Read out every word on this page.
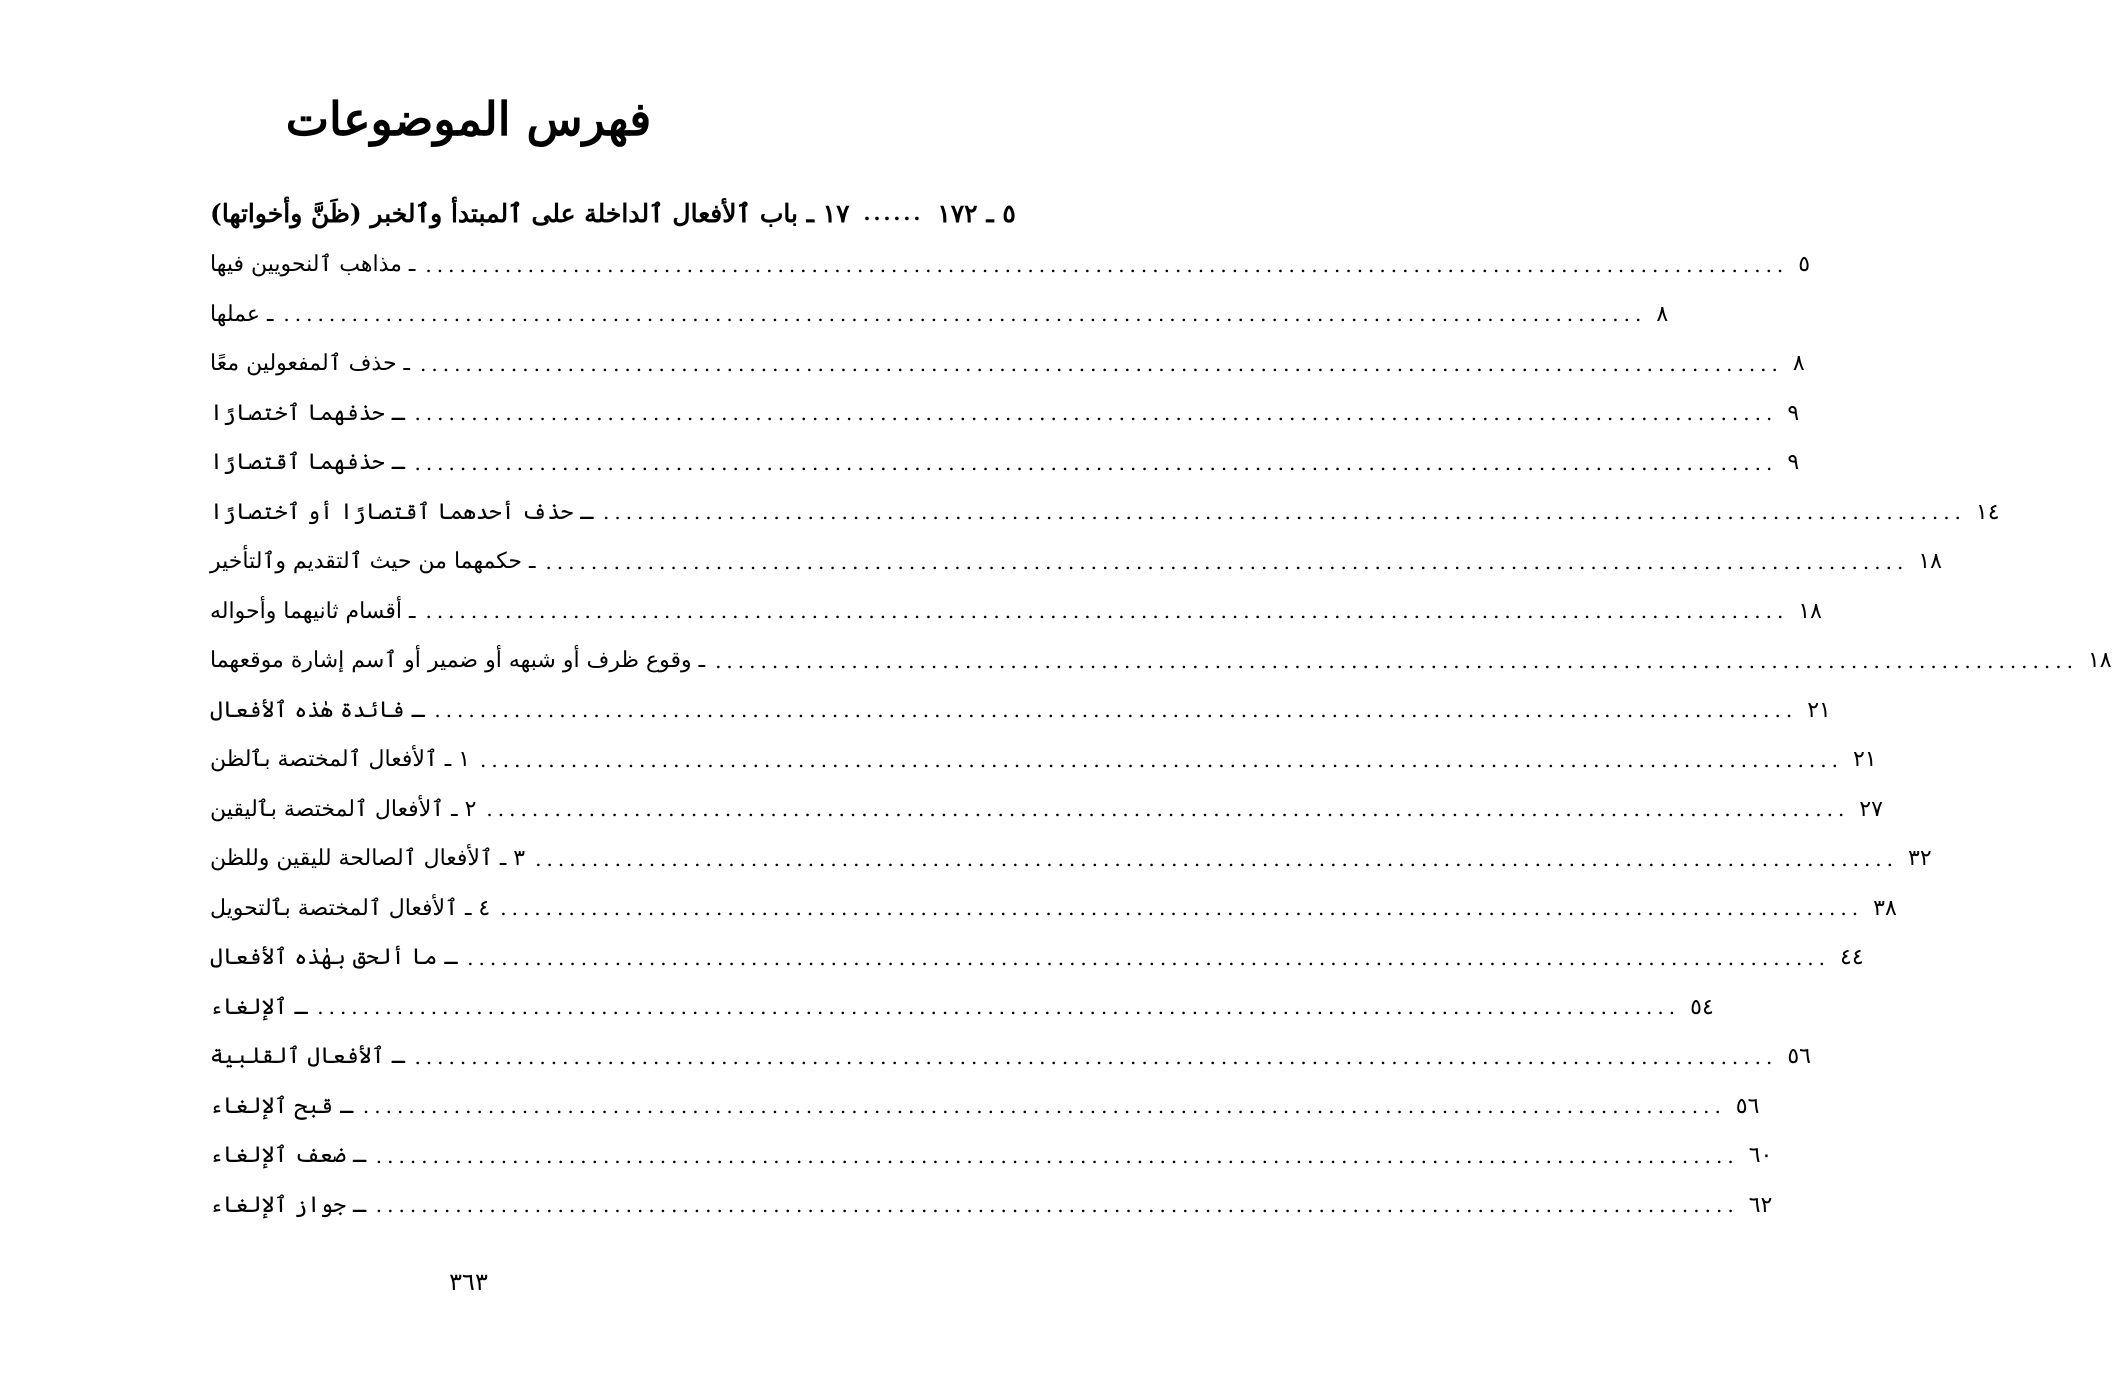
فهرس الموضوعات
١٧ ـ باب ٱلأفعال ٱلداخلة على ٱلمبتدأ وٱلخبر (ظَنَّ وأخواتها) ...... ٥ ـ ١٧٢
ـ مذاهب ٱلنحويين فيها ........................................................................................................................ ٥
ـ عملها ........................................................................................................................ ٨
ـ حذف ٱلمفعولين معًا ........................................................................................................................ ٨
ـ حذفهما ٱختصارًا ........................................................................................................................ ٩
ـ حذفهما ٱقتصارًا ........................................................................................................................ ٩
ـ حذف أحدهما ٱقتصارًا أو ٱختصارًا ........................................................................................................................ ١٤
ـ حكمهما من حيث ٱلتقديم وٱلتأخير ........................................................................................................................ ١٨
ـ أقسام ثانيهما وأحواله ........................................................................................................................ ١٨
ـ وقوع ظرف أو شبهه أو ضمير أو ٱسم إشارة موقعهما ........................................................................................................................ ١٨
ـ فائدة هٰذه ٱلأفعال ........................................................................................................................ ٢١
١ ـ ٱلأفعال ٱلمختصة بٱلظن ........................................................................................................................ ٢١
٢ ـ ٱلأفعال ٱلمختصة بٱليقين ........................................................................................................................ ٢٧
٣ ـ ٱلأفعال ٱلصالحة لليقين وللظن ........................................................................................................................ ٣٢
٤ ـ ٱلأفعال ٱلمختصة بٱلتحويل ........................................................................................................................ ٣٨
ـ ما ألحق بهٰذه ٱلأفعال ........................................................................................................................ ٤٤
ـ ٱلإلغاء ........................................................................................................................ ٥٤
ـ ٱلأفعال ٱلقلبية ........................................................................................................................ ٥٦
ـ قبح ٱلإلغاء ........................................................................................................................ ٥٦
ـ ضعف ٱلإلغاء ........................................................................................................................ ٦٠
ـ جواز ٱلإلغاء ........................................................................................................................ ٦٢
٣٦٣
